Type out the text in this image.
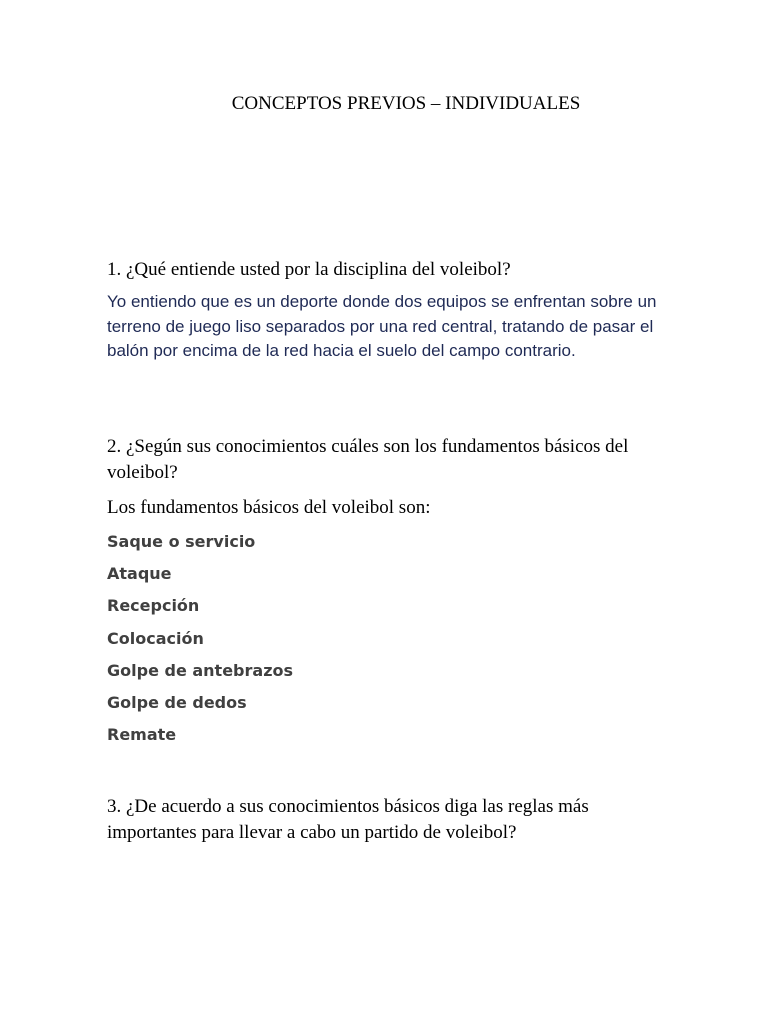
CONCEPTOS PREVIOS – INDIVIDUALES
1. ¿Qué entiende usted por la disciplina del voleibol?
Yo entiendo que es un deporte donde dos equipos se enfrentan sobre un terreno de juego liso separados por una red central, tratando de pasar el balón por encima de la red hacia el suelo del campo contrario.
2. ¿Según sus conocimientos cuáles son los fundamentos básicos del voleibol?
Los fundamentos básicos del voleibol son:
Saque o servicio
Ataque
Recepción
Colocación
Golpe de antebrazos
Golpe de dedos
Remate
3. ¿De acuerdo a sus conocimientos básicos diga las reglas más importantes para llevar a cabo un partido de voleibol?
